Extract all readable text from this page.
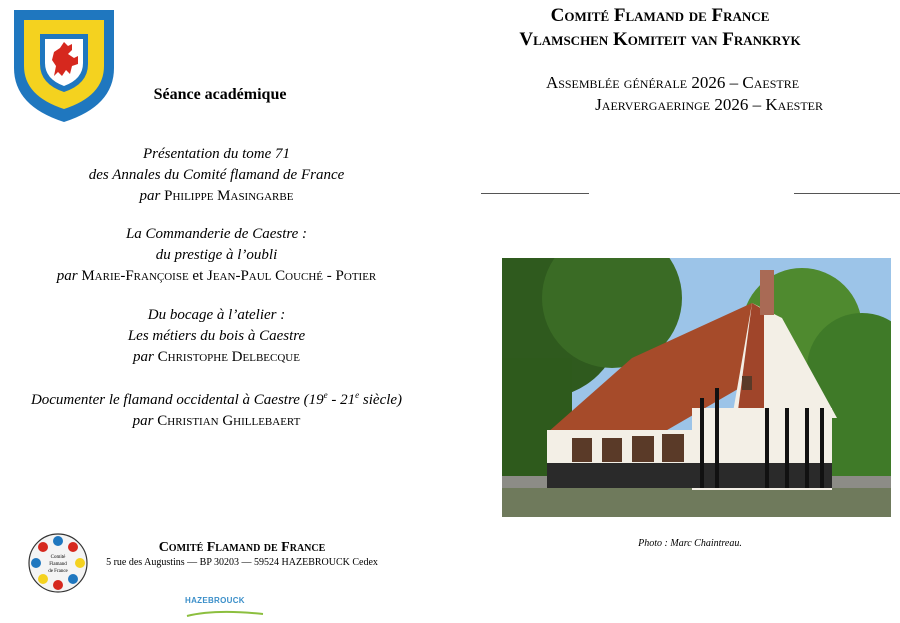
Séance académique
Présentation du tome 71
des Annales du Comité flamand de France
par Philippe Masingarbe
La Commanderie de Caestre :
du prestige à l’oubli
par Marie-Françoise et Jean-Paul Couché - Potier
Du bocage à l’atelier :
Les métiers du bois à Caestre
par Christophe Delbecque
Documenter le flamand occidental à Caestre (19e - 21e siècle)
par Christian Ghillebaert
Comité Flamand de France
Vlamschen Komiteit van Frankryk
Assemblée générale 2026 – Caestre
Jaervergaeringe 2026 – Kaester
Photo : Marc Chaintreau.
Comité
Flamand
de France
Comité Flamand de France
5 rue des Augustins — BP 30203 — 59524 HAZEBROUCK Cedex
HAZEBROUCK
